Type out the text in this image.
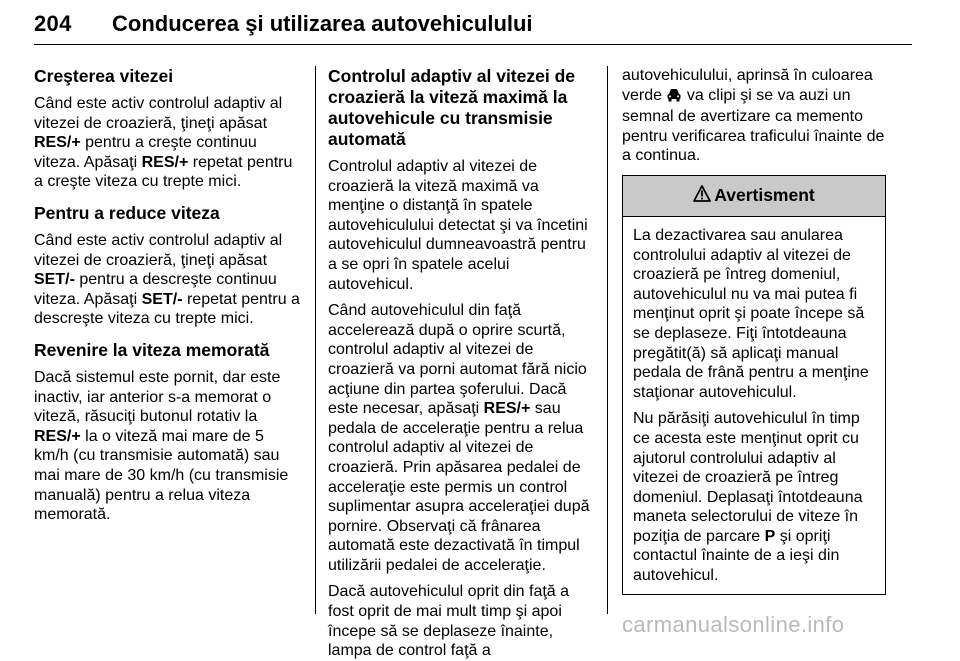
204 Conducerea şi utilizarea autovehiculului
Creşterea vitezei
Când este activ controlul adaptiv al vitezei de croazieră, ţineţi apăsat RES/+ pentru a creşte continuu viteza. Apăsaţi RES/+ repetat pentru a creşte viteza cu trepte mici.
Pentru a reduce viteza
Când este activ controlul adaptiv al vitezei de croazieră, ţineţi apăsat SET/- pentru a descreşte continuu viteza. Apăsaţi SET/- repetat pentru a descreşte viteza cu trepte mici.
Revenire la viteza memorată
Dacă sistemul este pornit, dar este inactiv, iar anterior s-a memorat o viteză, răsuciţi butonul rotativ la RES/+ la o viteză mai mare de 5 km/h (cu transmisie automată) sau mai mare de 30 km/h (cu transmisie manuală) pentru a relua viteza memorată.
Controlul adaptiv al vitezei de croazieră la viteză maximă la autovehicule cu transmisie automată
Controlul adaptiv al vitezei de croazieră la viteză maximă va menţine o distanţă în spatele autovehiculului detectat şi va încetini autovehiculul dumneavoastră pentru a se opri în spatele acelui autovehicul.
Când autovehiculul din faţă accelerează după o oprire scurtă, controlul adaptiv al vitezei de croazieră va porni automat fără nicio acţiune din partea şoferului. Dacă este necesar, apăsaţi RES/+ sau pedala de acceleraţie pentru a relua controlul adaptiv al vitezei de croazieră. Prin apăsarea pedalei de acceleraţie este permis un control suplimentar asupra acceleraţiei după pornire. Observaţi că frânarea automată este dezactivată în timpul utilizării pedalei de acceleraţie.
Dacă autovehiculul oprit din faţă a fost oprit de mai mult timp şi apoi începe să se deplaseze înainte, lampa de control faţă a
autovehiculului, aprinsă în culoarea verde  va clipi şi se va auzi un semnal de avertizare ca memento pentru verificarea traficului înainte de a continua.
Avertisment
La dezactivarea sau anularea controlului adaptiv al vitezei de croazieră pe întreg domeniul, autovehiculul nu va mai putea fi menţinut oprit şi poate începe să se deplaseze. Fiţi întotdeauna pregătit(ă) să aplicaţi manual pedala de frână pentru a menţine staţionar autovehiculul.
Nu părăsiţi autovehiculul în timp ce acesta este menţinut oprit cu ajutorul controlului adaptiv al vitezei de croazieră pe întreg domeniul. Deplasaţi întotdeauna maneta selectorului de viteze în poziţia de parcare P şi opriţi contactul înainte de a ieşi din autovehicul.
carmanualsonline.info
